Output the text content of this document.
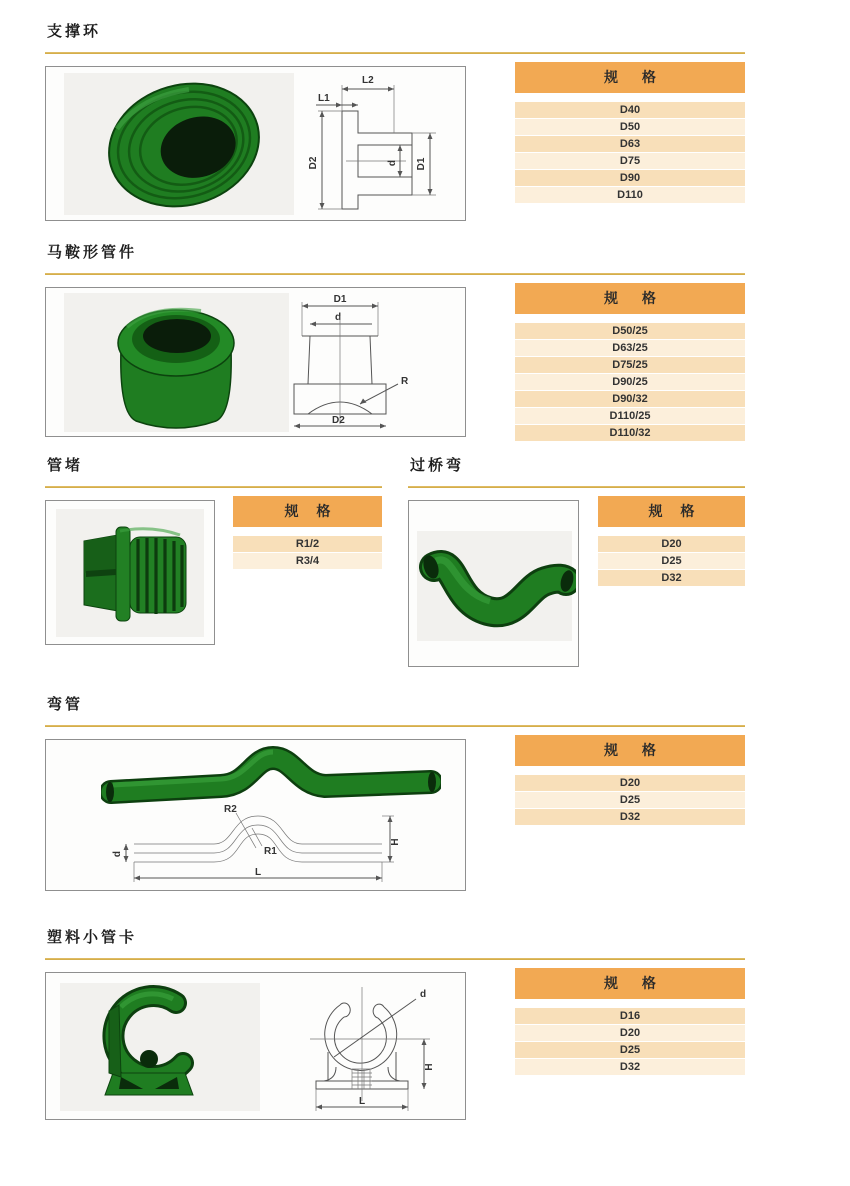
支撑环
L2
L1
D2	d D1
规 格
D40
D50
D63
D75
D90
D110
马鞍形管件
D1
d
R
D2
规 格
D50/25
D63/25
D75/25
D90/25
D90/32
D110/25
D110/32
管堵
规 格
R1/2
R3/4
过桥弯
规 格
D20
D25
D32
弯管
d
H
R2
R1
L
规 格
D20
D25
D32
塑料小管卡
d
H
L
规 格
D16
D20
D25
D32
